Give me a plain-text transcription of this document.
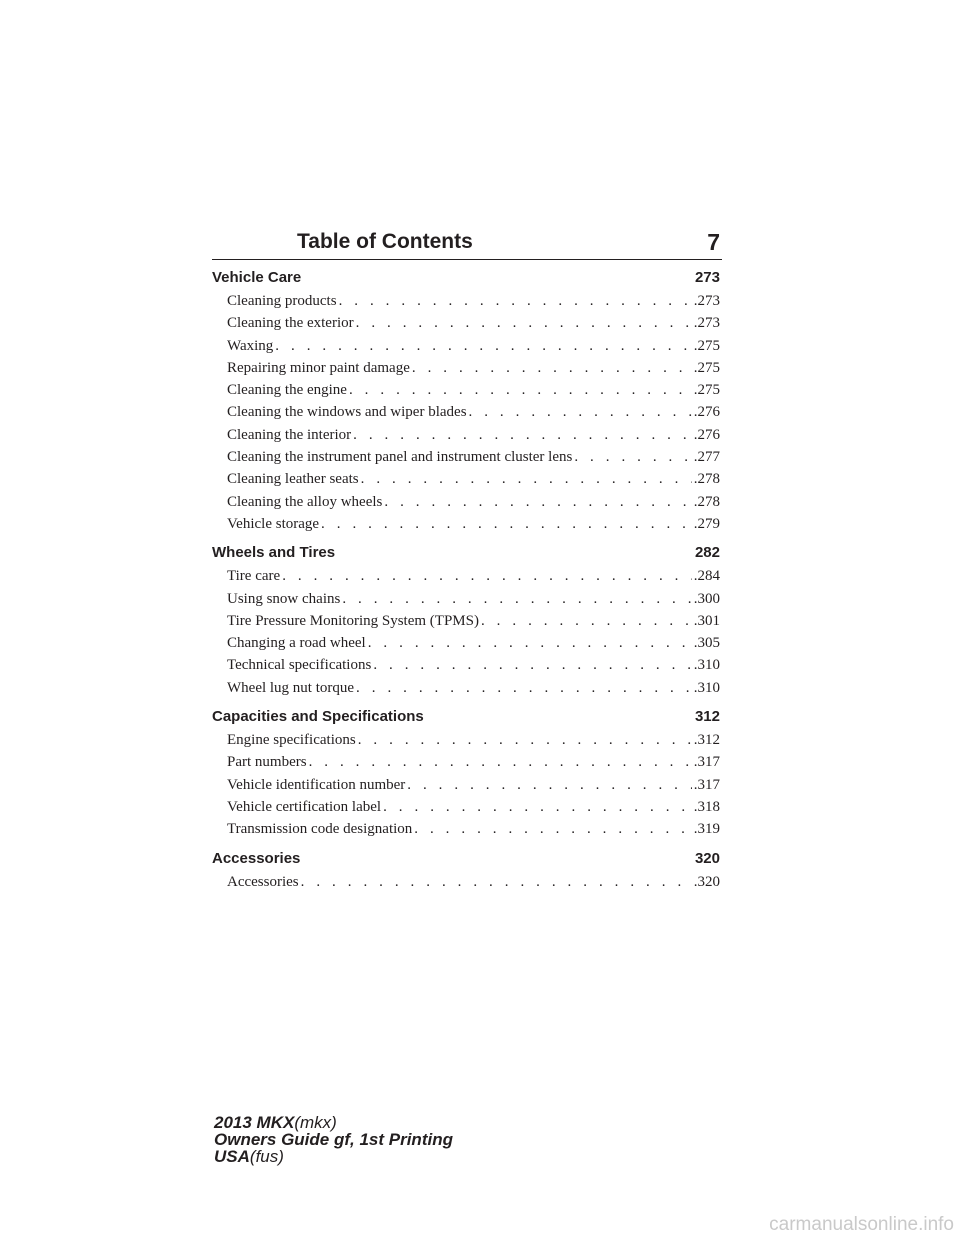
Table of Contents	7
Vehicle Care	273
Cleaning products . . .	.273
Cleaning the exterior . . .	.273
Waxing . . .	.275
Repairing minor paint damage . . .	.275
Cleaning the engine . . .	.275
Cleaning the windows and wiper blades . . .	.276
Cleaning the interior . . .	.276
Cleaning the instrument panel and instrument cluster lens . . .	.277
Cleaning leather seats . . .	.278
Cleaning the alloy wheels . . .	.278
Vehicle storage . . .	.279
Wheels and Tires	282
Tire care . . .	.284
Using snow chains . . .	.300
Tire Pressure Monitoring System (TPMS) . . .	.301
Changing a road wheel . . .	.305
Technical specifications . . .	.310
Wheel lug nut torque . . .	.310
Capacities and Specifications	312
Engine specifications . . .	.312
Part numbers . . .	.317
Vehicle identification number . . .	.317
Vehicle certification label . . .	.318
Transmission code designation . . .	.319
Accessories	320
Accessories . . .	.320
2013 MKX(mkx)
Owners Guide gf, 1st Printing
USA(fus)
carmanualsonline.info
